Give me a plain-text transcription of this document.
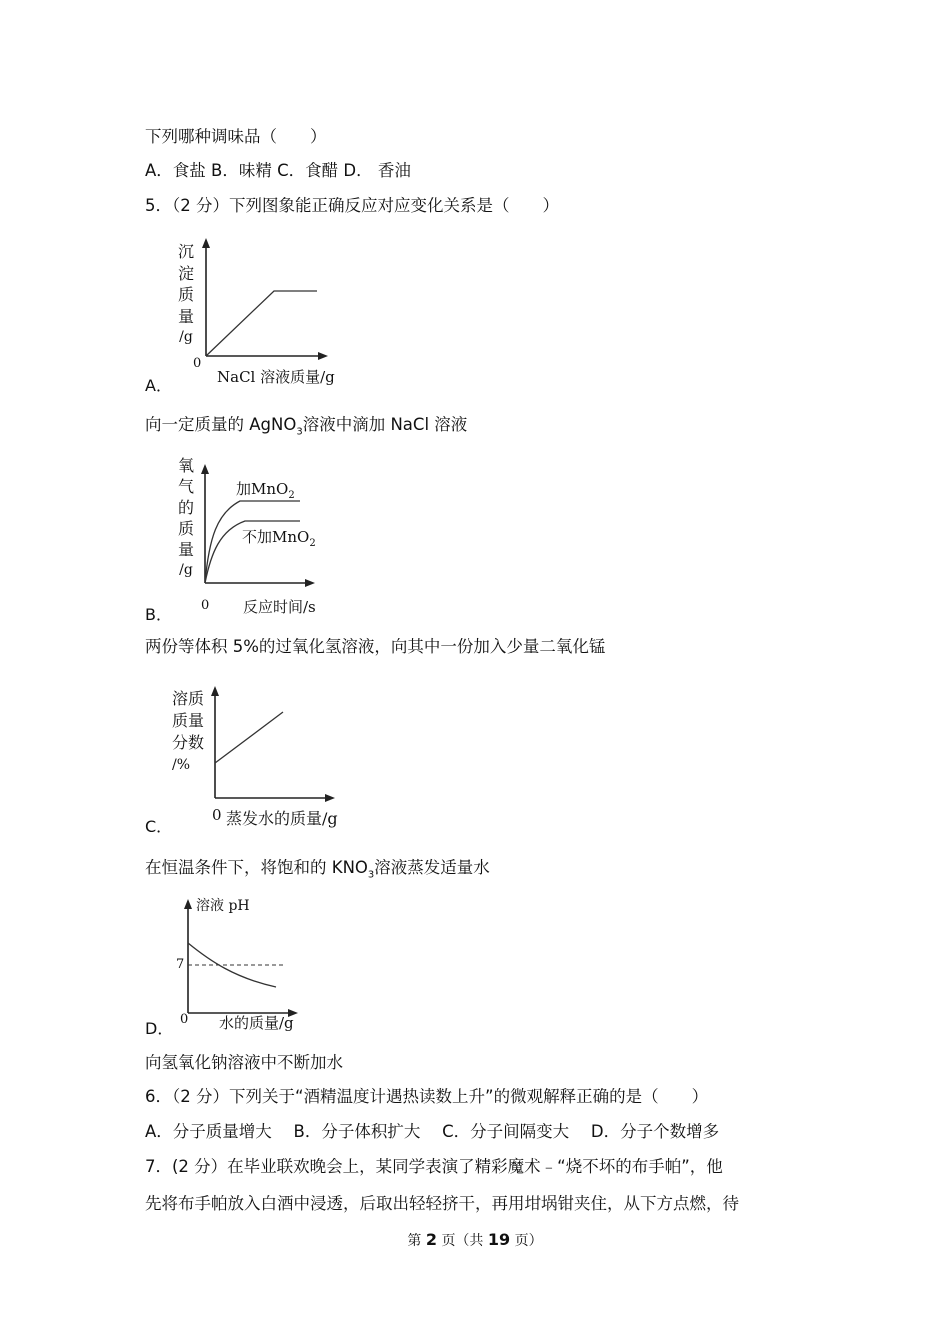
下列哪种调味品（　　）
A．食盐 B．味精 C．食醋 D． 香油
5．（2 分）下列图象能正确反应对应变化关系是（　　）
沉
淀
质
量
/g
0
NaCl 溶液质量/g
A．
向一定质量的 AgNO$_3$溶液中滴加 NaCl 溶液
氧
气
的
质
量
/g
加MnO$_2$
不加MnO$_2$
0 反应时间/s
B．
两份等体积 5%的过氧化氢溶液，向其中一份加入少量二氧化锰
溶质
质量
分数
/%
0 蒸发水的质量/g
C．
在恒温条件下，将饱和的 $KNO_3$溶液蒸发适量水
溶液 pH
7
0 水的质量/g
D．
向氢氧化钠溶液中不断加水
6．（2 分）下列关于“酒精温度计遇热读数上升”的微观解释正确的是（　　）
A．分子质量增大　 B．分子体积扩大　 C．分子间隔变大　 D．分子个数增多
7．(2 分）在毕业联欢晚会上，某同学表演了精彩魔术﹣“烧不坏的布手帕”，他
先将布手帕放入白酒中浸透，后取出轻轻挤干，再用坩埚钳夹住，从下方点燃，待
第 2 页（共 19 页）
